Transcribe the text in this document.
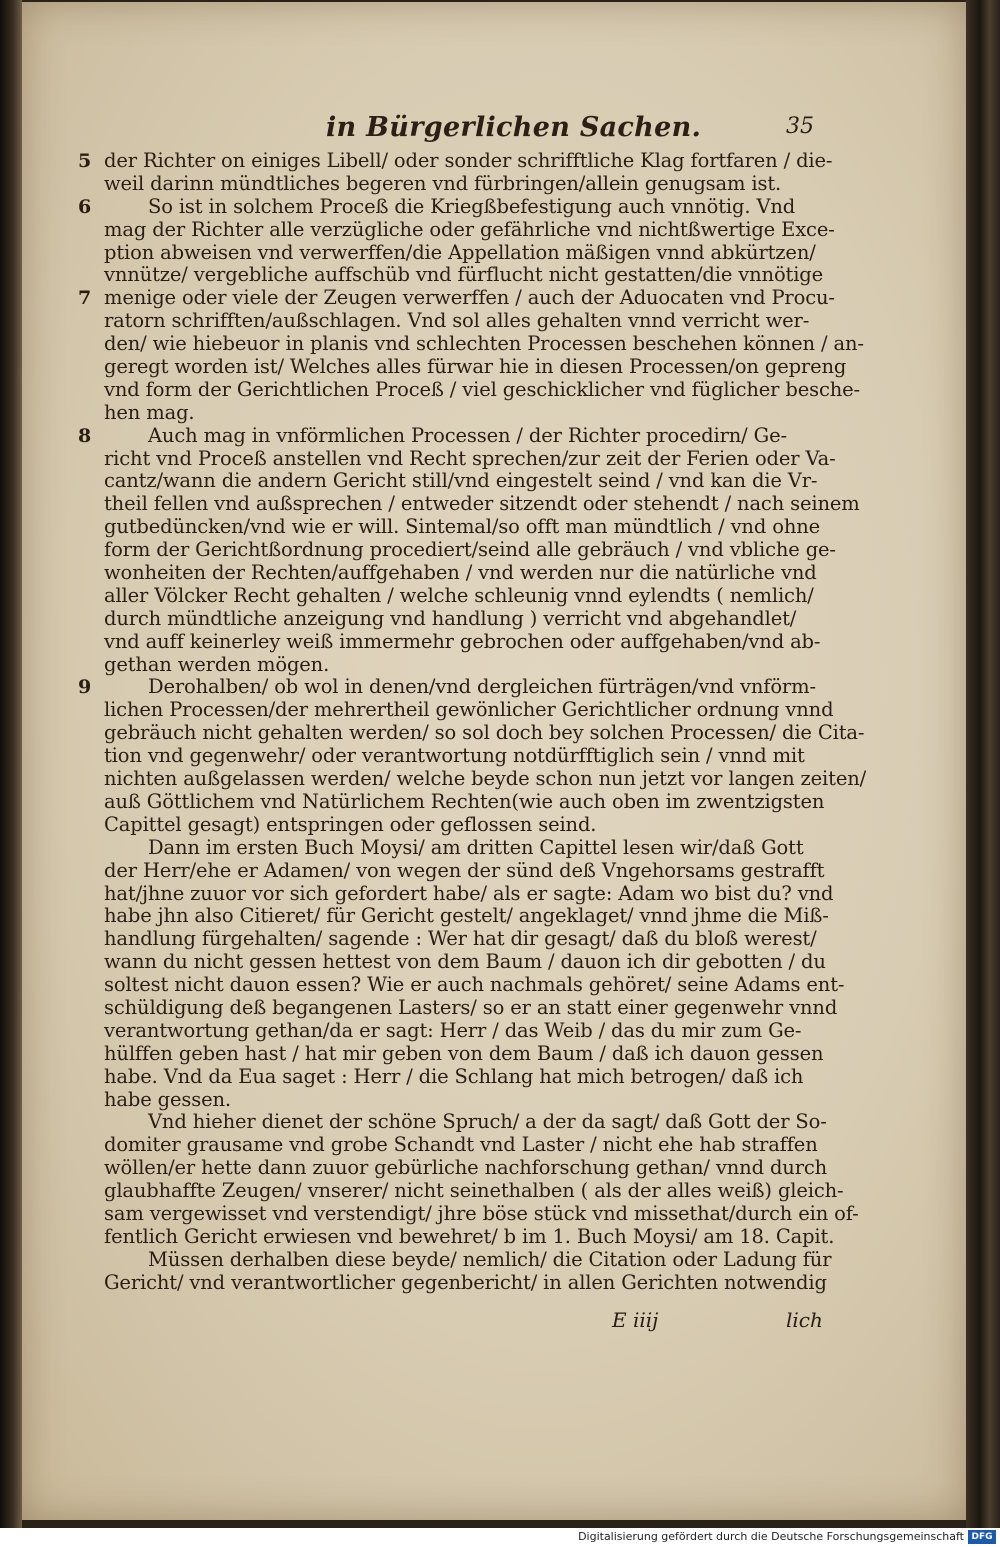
in Bürgerlichen Sachen.	35
5 der Richter on einiges Libell/ oder sonder schrifftliche Klag fortfaren / die-
weil darinn mündtliches begeren vnd fürbringen/allein genugsam ist.
6	So ist in solchem Proceß die Kriegßbefestigung auch vnnötig. Vnd
mag der Richter alle verzügliche oder gefährliche vnd nichtßwertige Exce-
ption abweisen vnd verwerffen/die Appellation mäßigen vnnd abkürtzen/
vnnütze/ vergebliche auffschüb vnd fürflucht nicht gestatten/die vnnötige
7 menige oder viele der Zeugen verwerffen / auch der Aduocaten vnd Procu-
ratorn schrifften/außschlagen. Vnd sol alles gehalten vnnd verricht wer-
den/ wie hiebeuor in planis vnd schlechten Processen beschehen können / an-
geregt worden ist/ Welches alles fürwar hie in diesen Processen/on gepreng
vnd form der Gerichtlichen Proceß / viel geschicklicher vnd füglicher besche-
hen mag.
8	Auch mag in vnförmlichen Processen / der Richter procedirn/ Ge-
richt vnd Proceß anstellen vnd Recht sprechen/zur zeit der Ferien oder Va-
cantz/wann die andern Gericht still/vnd eingestelt seind / vnd kan die Vr-
theil fellen vnd außsprechen / entweder sitzendt oder stehendt / nach seinem
gutbedüncken/vnd wie er will. Sintemal/so offt man mündtlich / vnd ohne
form der Gerichtßordnung procediert/seind alle gebräuch / vnd vbliche ge-
wonheiten der Rechten/auffgehaben / vnd werden nur die natürliche vnd
aller Völcker Recht gehalten / welche schleunig vnnd eylendts ( nemlich/
durch mündtliche anzeigung vnd handlung ) verricht vnd abgehandlet/
vnd auff keinerley weiß immermehr gebrochen oder auffgehaben/vnd ab-
gethan werden mögen.
9	Derohalben/ ob wol in denen/vnd dergleichen fürträgen/vnd vnförm-
lichen Processen/der mehrertheil gewönlicher Gerichtlicher ordnung vnnd
gebräuch nicht gehalten werden/ so sol doch bey solchen Processen/ die Cita-
tion vnd gegenwehr/ oder verantwortung notdürfftiglich sein / vnnd mit
nichten außgelassen werden/ welche beyde schon nun jetzt vor langen zeiten/
auß Göttlichem vnd Natürlichem Rechten(wie auch oben im zwentzigsten
Capittel gesagt) entspringen oder geflossen seind.
Dann im ersten Buch Moysi/ am dritten Capittel lesen wir/daß Gott
der Herr/ehe er Adamen/ von wegen der sünd deß Vngehorsams gestrafft
hat/jhne zuuor vor sich gefordert habe/ als er sagte: Adam wo bist du? vnd
habe jhn also Citieret/ für Gericht gestelt/ angeklaget/ vnnd jhme die Miß-
handlung fürgehalten/ sagende : Wer hat dir gesagt/ daß du bloß werest/
wann du nicht gessen hettest von dem Baum / dauon ich dir gebotten / du
soltest nicht dauon essen? Wie er auch nachmals gehöret/ seine Adams ent-
schüldigung deß begangenen Lasters/ so er an statt einer gegenwehr vnnd
verantwortung gethan/da er sagt: Herr / das Weib / das du mir zum Ge-
hülffen geben hast / hat mir geben von dem Baum / daß ich dauon gessen
habe. Vnd da Eua saget : Herr / die Schlang hat mich betrogen/ daß ich
habe gessen.
Vnd hieher dienet der schöne Spruch/ a der da sagt/ daß Gott der So-
domiter grausame vnd grobe Schandt vnd Laster / nicht ehe hab straffen
wöllen/er hette dann zuuor gebürliche nachforschung gethan/ vnnd durch
glaubhaffte Zeugen/ vnserer/ nicht seinethalben ( als der alles weiß) gleich-
sam vergewisset vnd verstendigt/ jhre böse stück vnd missethat/durch ein of-
fentlich Gericht erwiesen vnd bewehret/ b im 1. Buch Moysi/ am 18. Capit.
Müssen derhalben diese beyde/ nemlich/ die Citation oder Ladung für
Gericht/ vnd verantwortlicher gegenbericht/ in allen Gerichten notwendig
E iiij	lich
Digitalisierung gefördert durch die Deutsche Forschungsgemeinschaft DFG
